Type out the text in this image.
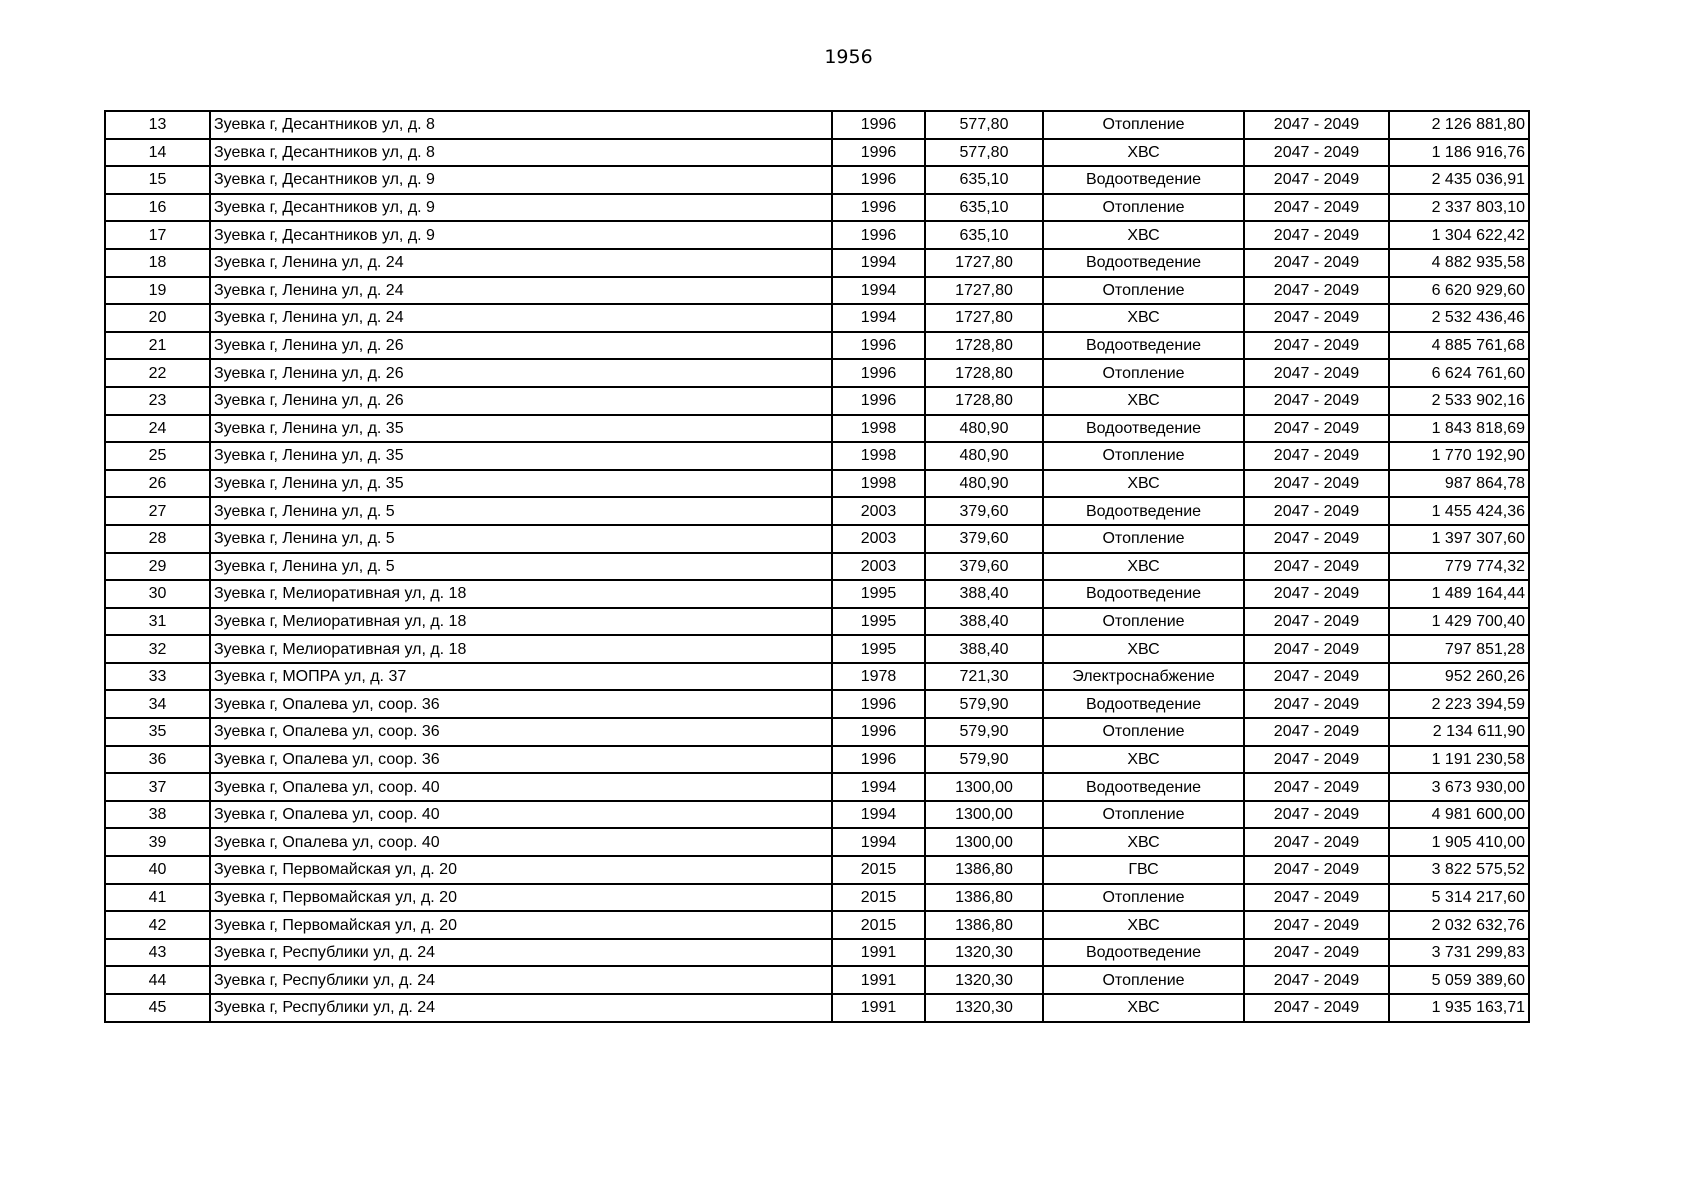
1956
13	Зуевка г, Десантников ул, д. 8	1996	577,80	Отопление	2047 - 2049	2 126 881,80
14	Зуевка г, Десантников ул, д. 8	1996	577,80	ХВС	2047 - 2049	1 186 916,76
15	Зуевка г, Десантников ул, д. 9	1996	635,10	Водоотведение	2047 - 2049	2 435 036,91
16	Зуевка г, Десантников ул, д. 9	1996	635,10	Отопление	2047 - 2049	2 337 803,10
17	Зуевка г, Десантников ул, д. 9	1996	635,10	ХВС	2047 - 2049	1 304 622,42
18	Зуевка г, Ленина ул, д. 24	1994	1727,80	Водоотведение	2047 - 2049	4 882 935,58
19	Зуевка г, Ленина ул, д. 24	1994	1727,80	Отопление	2047 - 2049	6 620 929,60
20	Зуевка г, Ленина ул, д. 24	1994	1727,80	ХВС	2047 - 2049	2 532 436,46
21	Зуевка г, Ленина ул, д. 26	1996	1728,80	Водоотведение	2047 - 2049	4 885 761,68
22	Зуевка г, Ленина ул, д. 26	1996	1728,80	Отопление	2047 - 2049	6 624 761,60
23	Зуевка г, Ленина ул, д. 26	1996	1728,80	ХВС	2047 - 2049	2 533 902,16
24	Зуевка г, Ленина ул, д. 35	1998	480,90	Водоотведение	2047 - 2049	1 843 818,69
25	Зуевка г, Ленина ул, д. 35	1998	480,90	Отопление	2047 - 2049	1 770 192,90
26	Зуевка г, Ленина ул, д. 35	1998	480,90	ХВС	2047 - 2049	987 864,78
27	Зуевка г, Ленина ул, д. 5	2003	379,60	Водоотведение	2047 - 2049	1 455 424,36
28	Зуевка г, Ленина ул, д. 5	2003	379,60	Отопление	2047 - 2049	1 397 307,60
29	Зуевка г, Ленина ул, д. 5	2003	379,60	ХВС	2047 - 2049	779 774,32
30	Зуевка г, Мелиоративная ул, д. 18	1995	388,40	Водоотведение	2047 - 2049	1 489 164,44
31	Зуевка г, Мелиоративная ул, д. 18	1995	388,40	Отопление	2047 - 2049	1 429 700,40
32	Зуевка г, Мелиоративная ул, д. 18	1995	388,40	ХВС	2047 - 2049	797 851,28
33	Зуевка г, МОПРА ул, д. 37	1978	721,30	Электроснабжение	2047 - 2049	952 260,26
34	Зуевка г, Опалева ул, соор. 36	1996	579,90	Водоотведение	2047 - 2049	2 223 394,59
35	Зуевка г, Опалева ул, соор. 36	1996	579,90	Отопление	2047 - 2049	2 134 611,90
36	Зуевка г, Опалева ул, соор. 36	1996	579,90	ХВС	2047 - 2049	1 191 230,58
37	Зуевка г, Опалева ул, соор. 40	1994	1300,00	Водоотведение	2047 - 2049	3 673 930,00
38	Зуевка г, Опалева ул, соор. 40	1994	1300,00	Отопление	2047 - 2049	4 981 600,00
39	Зуевка г, Опалева ул, соор. 40	1994	1300,00	ХВС	2047 - 2049	1 905 410,00
40	Зуевка г, Первомайская ул, д. 20	2015	1386,80	ГВС	2047 - 2049	3 822 575,52
41	Зуевка г, Первомайская ул, д. 20	2015	1386,80	Отопление	2047 - 2049	5 314 217,60
42	Зуевка г, Первомайская ул, д. 20	2015	1386,80	ХВС	2047 - 2049	2 032 632,76
43	Зуевка г, Республики ул, д. 24	1991	1320,30	Водоотведение	2047 - 2049	3 731 299,83
44	Зуевка г, Республики ул, д. 24	1991	1320,30	Отопление	2047 - 2049	5 059 389,60
45	Зуевка г, Республики ул, д. 24	1991	1320,30	ХВС	2047 - 2049	1 935 163,71
